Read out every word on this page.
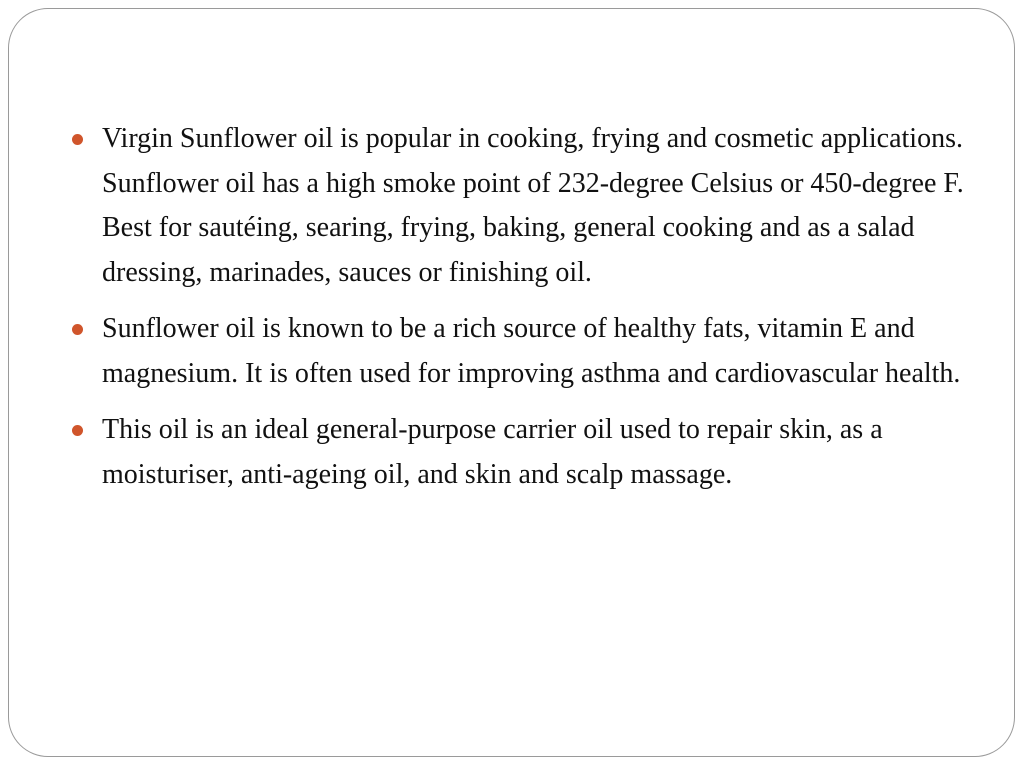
Virgin Sunflower oil is popular in cooking, frying and cosmetic applications. Sunflower oil has a high smoke point of 232-degree Celsius or 450-degree F. Best for sautéing, searing, frying, baking, general cooking and as a salad dressing, marinades, sauces or finishing oil.
Sunflower oil is known to be a rich source of healthy fats, vitamin E and magnesium. It is often used for improving asthma and cardiovascular health.
This oil is an ideal general-purpose carrier oil used to repair skin, as a moisturiser, anti-ageing oil, and skin and scalp massage.
